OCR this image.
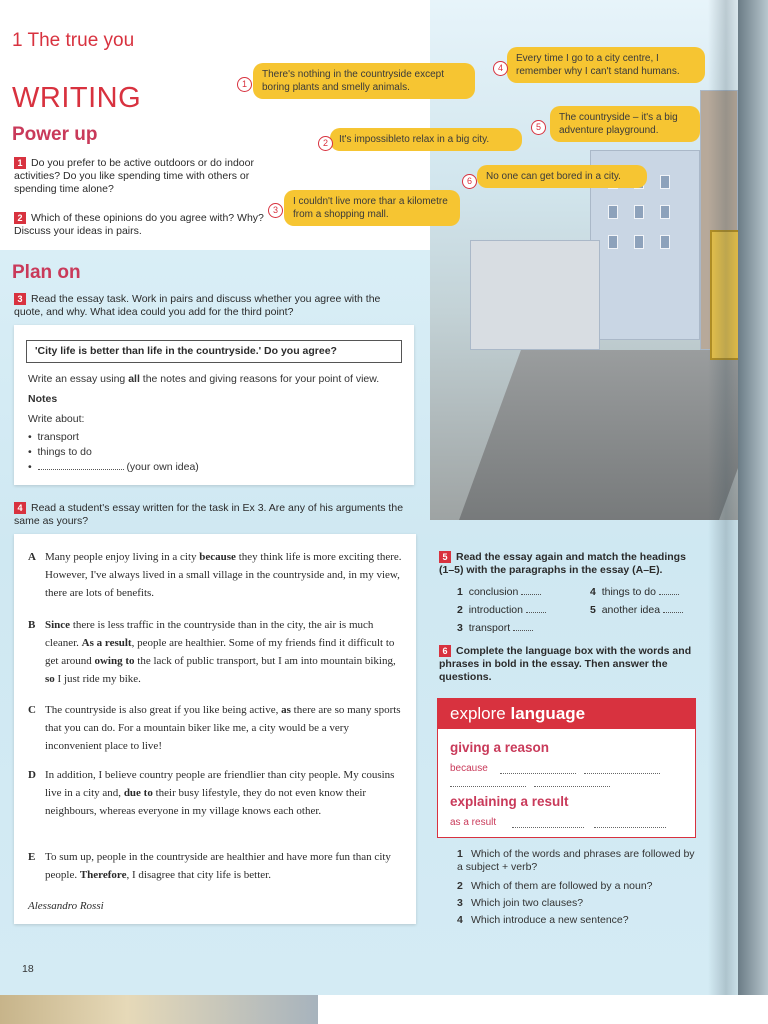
1 The true you
WRITING
Power up
1 Do you prefer to be active outdoors or do indoor activities? Do you like spending time with others or spending time alone?
2 Which of these opinions do you agree with? Why? Discuss your ideas in pairs.
There's nothing in the countryside except boring plants and smelly animals.
1
It's impossibleto relax in a big city.
2
I couldn't live more thar a kilometre from a shopping mall.
3
Every time I go to a city centre, I remember why I can't stand humans.
4
The countryside – it's a big adventure playground.
5
No one can get bored in a city.
6
Plan on
3 Read the essay task. Work in pairs and discuss whether you agree with the quote, and why. What idea could you add for the third point?
'City life is better than life in the countryside.' Do you agree?
Write an essay using all the notes and giving reasons for your point of view.
Notes
Write about:
•  transport
•  things to do
•	(your own idea)
4 Read a student's essay written for the task in Ex 3. Are any of his arguments the same as yours?
A Many people enjoy living in a city because they think life is more exciting there. However, I've always lived in a small village in the countryside and, in my view, there are lots of benefits.
B Since there is less traffic in the countryside than in the city, the air is much cleaner. As a result, people are healthier. Some of my friends find it difficult to get around owing to the lack of public transport, but I am into mountain biking, so I just ride my bike.
C The countryside is also great if you like being active, as there are so many sports that you can do. For a mountain biker like me, a city would be a very inconvenient place to live!
D In addition, I believe country people are friendlier than city people. My cousins live in a city and, due to their busy lifestyle, they do not even know their neighbours, whereas everyone in my village knows each other.
E To sum up, people in the countryside are healthier and have more fun than city people. Therefore, I disagree that city life is better.
Alessandro Rossi
5 Read the essay again and match the headings (1–5) with the paragraphs in the essay (A–E).
1 conclusion	4 things to do
2 introduction	5 another idea
3 transport
6 Complete the language box with the words and phrases in bold in the essay. Then answer the questions.
explore language
giving a reason
because
explaining a result
as a result
1 Which of the words and phrases are followed by a subject + verb?
2 Which of them are followed by a noun?
3 Which join two clauses?
4 Which introduce a new sentence?
18
